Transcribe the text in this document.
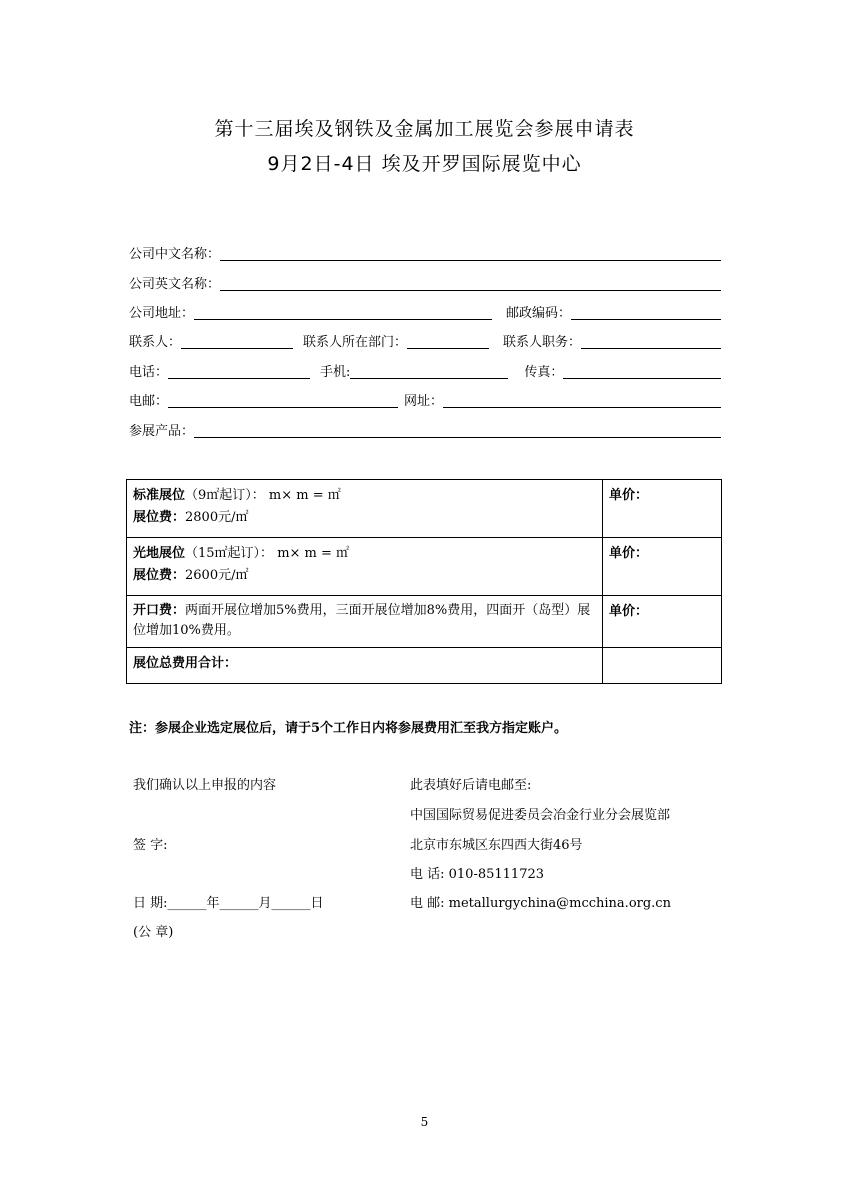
第十三届埃及钢铁及金属加工展览会参展申请表
9月2日-4日 埃及开罗国际展览中心
公司中文名称：
公司英文名称：
公司地址：	邮政编码：
联系人：	联系人所在部门：	联系人职务：
电话：	手机:	传真：
电邮：	网址：
参展产品：
标准展位（9㎡起订）： m× m = ㎡
展位费：2800元/㎡	单价：
光地展位（15㎡起订）： m× m = ㎡
展位费：2600元/㎡	单价：
开口费：两面开展位增加5%费用，三面开展位增加8%费用，四面开（岛型）展位增加10%费用。	单价：
展位总费用合计：	
注：参展企业选定展位后，请于5个工作日内将参展费用汇至我方指定账户。
我们确认以上申报的内容
签 字:
日 期:______年______月______日
(公 章)
此表填好后请电邮至:
中国国际贸易促进委员会冶金行业分会展览部
北京市东城区东四西大街46号
电 话: 010-85111723
电 邮: metallurgychina@mcchina.org.cn
5
